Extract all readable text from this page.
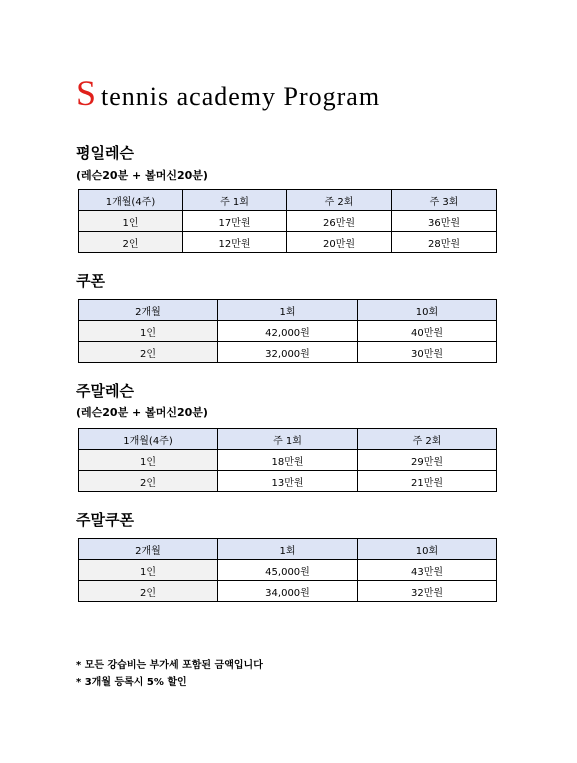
S tennis academy Program
평일레슨
(레슨20분 + 볼머신20분)
1개월(4주)	주 1회	주 2회	주 3회
1인	17만원	26만원	36만원
2인	12만원	20만원	28만원
쿠폰
2개월	1회	10회
1인	42,000원	40만원
2인	32,000원	30만원
주말레슨
(레슨20분 + 볼머신20분)
1개월(4주)	주 1회	주 2회
1인	18만원	29만원
2인	13만원	21만원
주말쿠폰
2개월	1회	10회
1인	45,000원	43만원
2인	34,000원	32만원
* 모든 강습비는 부가세 포함된 금액입니다
* 3개월 등록시 5% 할인
